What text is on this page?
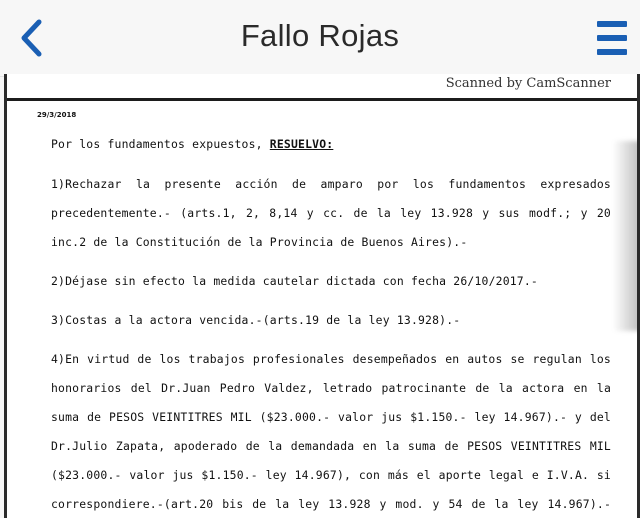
Fallo Rojas
Scanned by CamScanner
29/3/2018
Por los fundamentos expuestos, RESUELVO:
1)Rechazar la presente acción de amparo por los fundamentos expresados
precedentemente.- (arts.1, 2, 8,14 y cc. de la ley 13.928 y sus modf.; y 20
inc.2 de la Constitución de la Provincia de Buenos Aires).-
2)Déjase sin efecto la medida cautelar dictada con fecha 26/10/2017.-
3)Costas a la actora vencida.-(arts.19 de la ley 13.928).-
4)En virtud de los trabajos profesionales desempeñados en autos se regulan los
honorarios del Dr.Juan Pedro Valdez, letrado patrocinante de la actora en la
suma de PESOS VEINTITRES MIL ($23.000.- valor jus $1.150.- ley 14.967).- y del
Dr.Julio Zapata, apoderado de la demandada en la suma de PESOS VEINTITRES MIL
($23.000.- valor jus $1.150.- ley 14.967), con más el aporte legal e I.V.A. si
correspondiere.-(art.20 bis de la ley 13.928 y mod. y 54 de la ley 14.967).-
